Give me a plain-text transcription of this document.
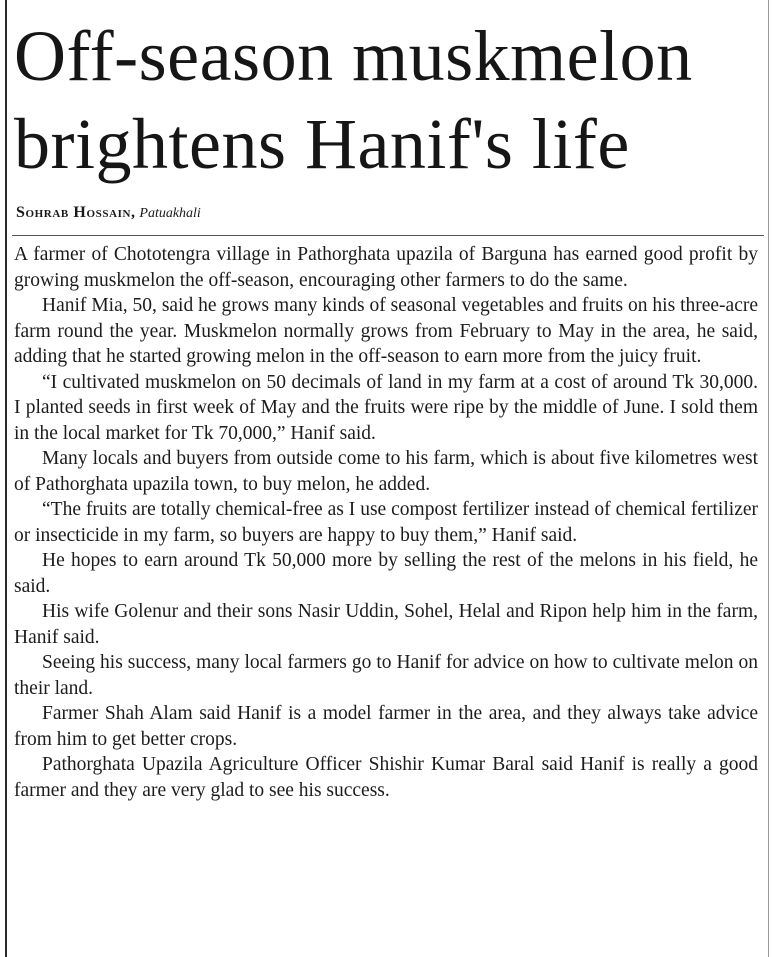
Off-season muskmelon
brightens Hanif's life
Sohrab Hossain, Patuakhali

A farmer of Chototengra village in Pathorghata upazila of Barguna has earned good profit by growing muskmelon the off-season, encouraging other farmers to do the same.

Hanif Mia, 50, said he grows many kinds of seasonal vegetables and fruits on his three-acre farm round the year. Muskmelon normally grows from February to May in the area, he said, adding that he started growing melon in the off-season to earn more from the juicy fruit.

“I cultivated muskmelon on 50 decimals of land in my farm at a cost of around Tk 30,000. I planted seeds in first week of May and the fruits were ripe by the middle of June. I sold them in the local market for Tk 70,000,” Hanif said.

Many locals and buyers from outside come to his farm, which is about five kilometres west of Pathorghata upazila town, to buy melon, he added.

“The fruits are totally chemical-free as I use compost fertilizer instead of chemical fertilizer or insecticide in my farm, so buyers are happy to buy them,” Hanif said.

He hopes to earn around Tk 50,000 more by selling the rest of the melons in his field, he said.

His wife Golenur and their sons Nasir Uddin, Sohel, Helal and Ripon help him in the farm, Hanif said.

Seeing his success, many local farmers go to Hanif for advice on how to cultivate melon on their land.

Farmer Shah Alam said Hanif is a model farmer in the area, and they always take advice from him to get better crops.

Pathorghata Upazila Agriculture Officer Shishir Kumar Baral said Hanif is really a good farmer and they are very glad to see his success.
